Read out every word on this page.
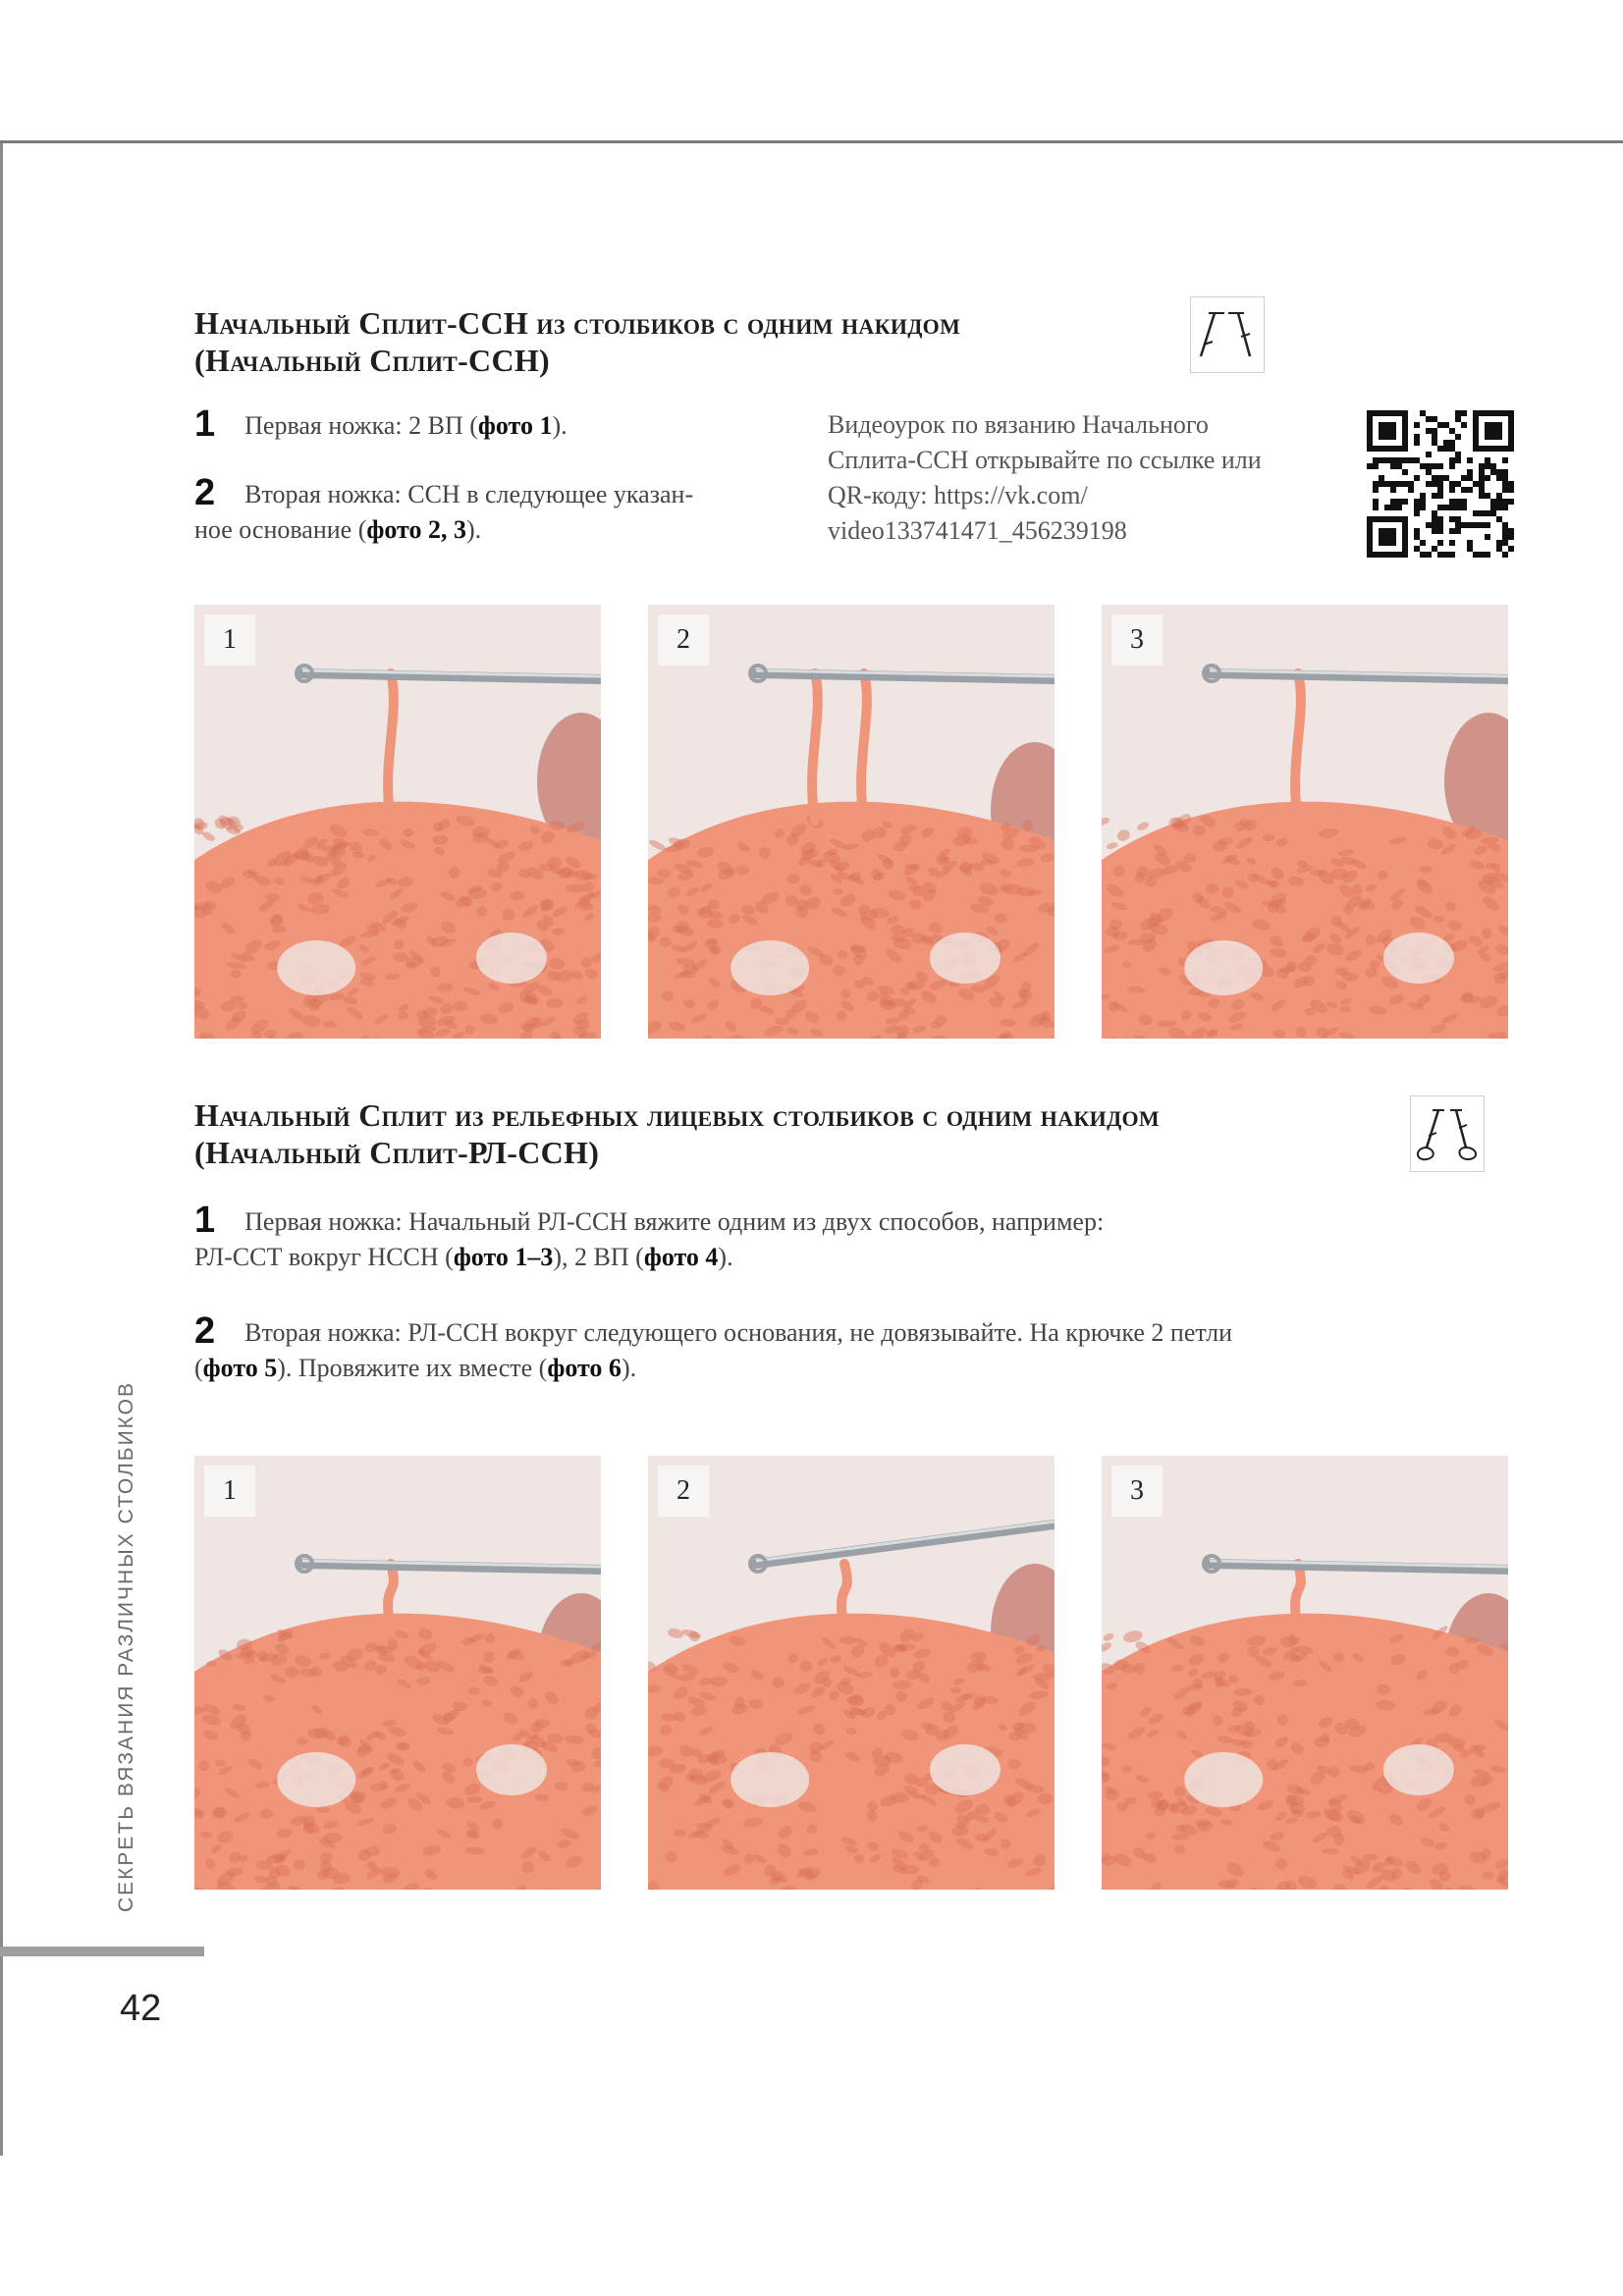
Начальный Сплит-ССН из столбиков с одним накидом
(Начальный Сплит-ССН)
1 Первая ножка: 2 ВП (фото 1).
2 Вторая ножка: ССН в следующее указан-
ное основание (фото 2, 3).
Видеоурок по вязанию Начального
Сплита-ССН открывайте по ссылке или
QR-коду: https://vk.com/
video133741471_456239198
1	2	3
Начальный Сплит из рельефных лицевых столбиков с одним накидом
(Начальный Сплит-РЛ-ССН)
1 Первая ножка: Начальный РЛ-ССН вяжите одним из двух способов, например:
РЛ-ССТ вокруг НССН (фото 1–3), 2 ВП (фото 4).
2 Вторая ножка: РЛ-ССН вокруг следующего основания, не довязывайте. На крючке 2 петли
(фото 5). Провяжите их вместе (фото 6).
1	2	3
СЕКРЕТЬ ВЯЗАНИЯ РАЗЛИЧНЫХ СТОЛБИКОВ
42
